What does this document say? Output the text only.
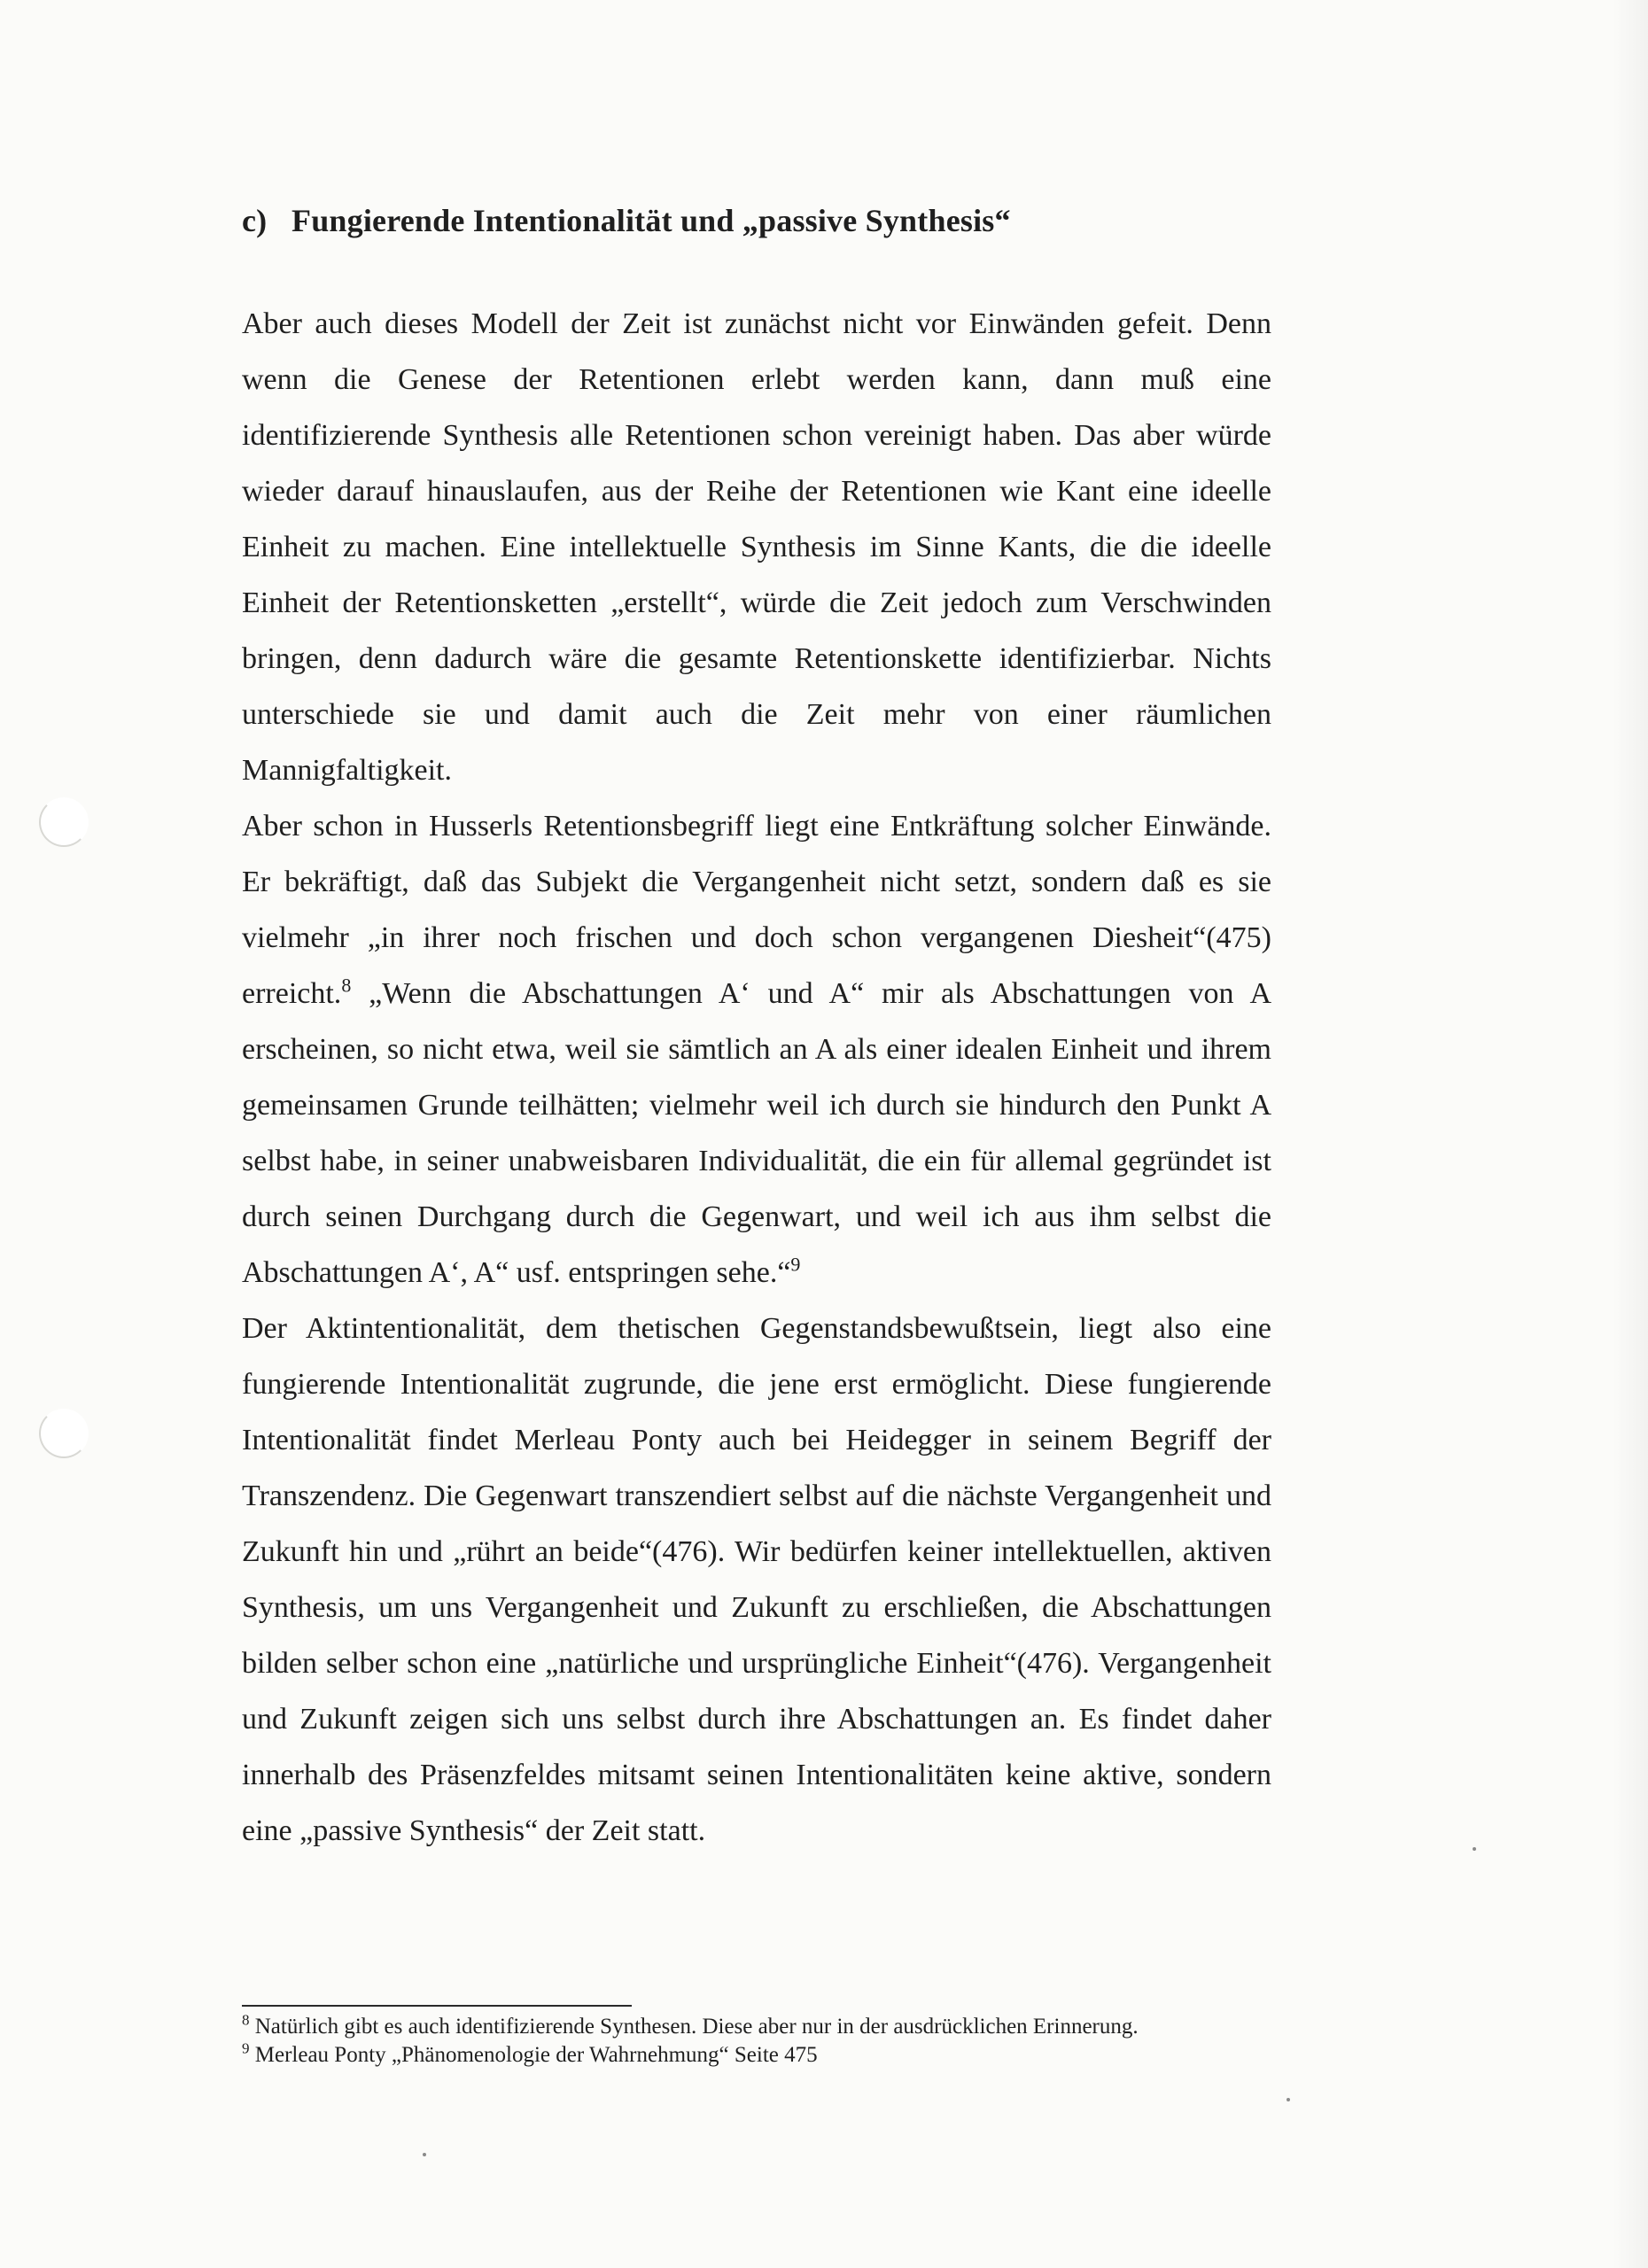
c) Fungierende Intentionalität und „passive Synthesis“

Aber auch dieses Modell der Zeit ist zunächst nicht vor Einwänden gefeit. Denn wenn die Genese der Retentionen erlebt werden kann, dann muß eine identifizierende Synthesis alle Retentionen schon vereinigt haben. Das aber würde wieder darauf hinauslaufen, aus der Reihe der Retentionen wie Kant eine ideelle Einheit zu machen. Eine intellektuelle Synthesis im Sinne Kants, die die ideelle Einheit der Retentionsketten „erstellt“, würde die Zeit jedoch zum Verschwinden bringen, denn dadurch wäre die gesamte Retentionskette identifizierbar. Nichts unterschiede sie und damit auch die Zeit mehr von einer räumlichen Mannigfaltigkeit.

Aber schon in Husserls Retentionsbegriff liegt eine Entkräftung solcher Einwände. Er bekräftigt, daß das Subjekt die Vergangenheit nicht setzt, sondern daß es sie vielmehr „in ihrer noch frischen und doch schon vergangenen Diesheit“(475) erreicht.$^8$ „Wenn die Abschattungen A‘ und A“ mir als Abschattungen von A erscheinen, so nicht etwa, weil sie sämtlich an A als einer idealen Einheit und ihrem gemeinsamen Grunde teilhätten; vielmehr weil ich durch sie hindurch den Punkt A selbst habe, in seiner unabweisbaren Individualität, die ein für allemal gegründet ist durch seinen Durchgang durch die Gegenwart, und weil ich aus ihm selbst die Abschattungen A‘, A“ usf. entspringen sehe.“$^9$

Der Aktintentionalität, dem thetischen Gegenstandsbewußtsein, liegt also eine fungierende Intentionalität zugrunde, die jene erst ermöglicht. Diese fungierende Intentionalität findet Merleau Ponty auch bei Heidegger in seinem Begriff der Transzendenz. Die Gegenwart transzendiert selbst auf die nächste Vergangenheit und Zukunft hin und „rührt an beide“(476). Wir bedürfen keiner intellektuellen, aktiven Synthesis, um uns Vergangenheit und Zukunft zu erschließen, die Abschattungen bilden selber schon eine „natürliche und ursprüngliche Einheit“(476). Vergangenheit und Zukunft zeigen sich uns selbst durch ihre Abschattungen an. Es findet daher innerhalb des Präsenzfeldes mitsamt seinen Intentionalitäten keine aktive, sondern eine „passive Synthesis“ der Zeit statt.

$^8$ Natürlich gibt es auch identifizierende Synthesen. Diese aber nur in der ausdrücklichen Erinnerung.

$^9$ Merleau Ponty „Phänomenologie der Wahrnehmung“ Seite 475
